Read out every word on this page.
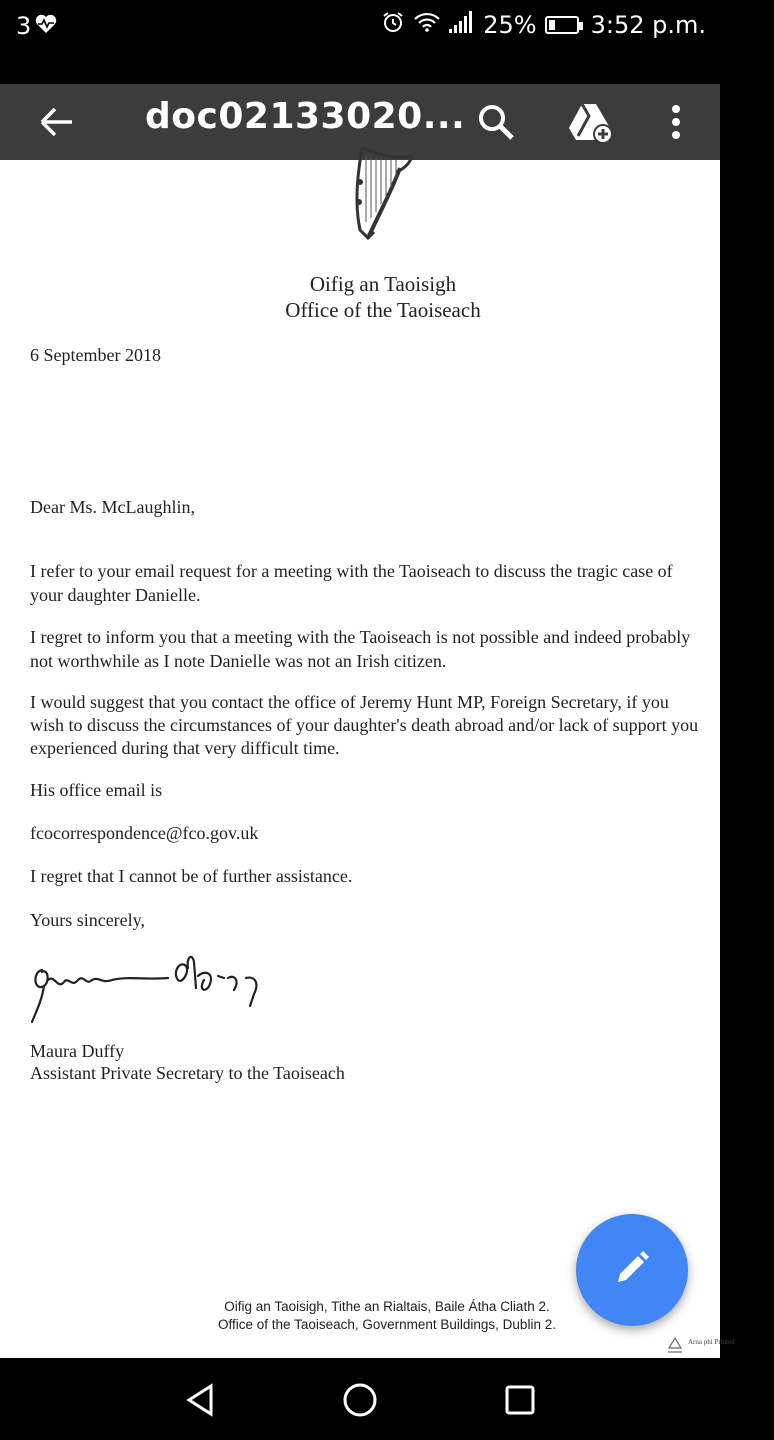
3	25% 3:52 p.m.
doc02133020...
Oifig an Taoisigh
Office of the Taoiseach
6 September 2018
Dear Ms. McLaughlin,
I refer to your email request for a meeting with the Taoiseach to discuss the tragic case of
your daughter Danielle.
I regret to inform you that a meeting with the Taoiseach is not possible and indeed probably
not worthwhile as I note Danielle was not an Irish citizen.
I would suggest that you contact the office of Jeremy Hunt MP, Foreign Secretary, if you
wish to discuss the circumstances of your daughter's death abroad and/or lack of support you
experienced during that very difficult time.
His office email is
fcocorrespondence@fco.gov.uk
I regret that I cannot be of further assistance.
Yours sincerely,
Maura Duffy
Assistant Private Secretary to the Taoiseach
Oifig an Taoisigh, Tithe an Rialtais, Baile Átha Cliath 2.
Office of the Taoiseach, Government Buildings, Dublin 2.
Arna phi Printed
